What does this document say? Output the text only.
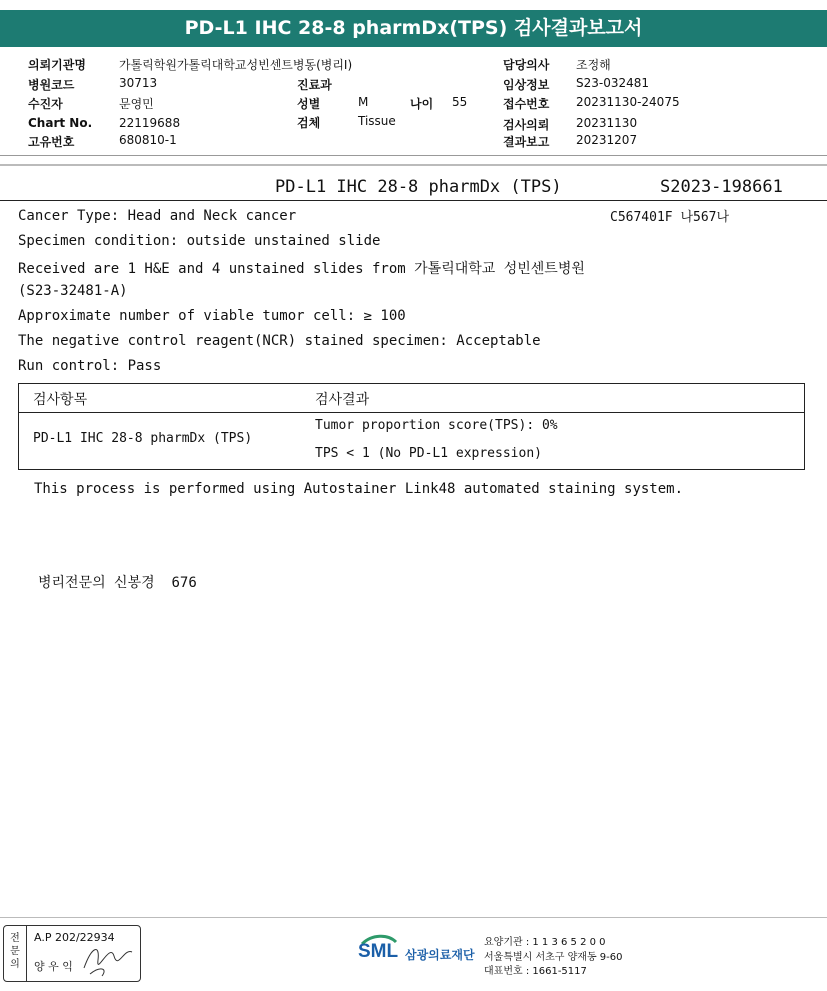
PD-L1 IHC 28-8 pharmDx(TPS) 검사결과보고서
의뢰기관명	가톨릭학원가톨릭대학교성빈센트병동(병리Ⅰ)
병원코드	30713
수진자	문영민
Chart No. 22119688
고유번호	680810-1
진료과
성별	M	나이 55
검체	Tissue
담당의사 조정해
임상정보 S23-032481
접수번호 20231130-24075
검사의뢰 20231130
결과보고 20231207
PD-L1 IHC 28-8 pharmDx (TPS)	S2023-198661
C567401F 나567나
Cancer Type: Head and Neck cancer
Specimen condition: outside unstained slide
Received are 1 H&E and 4 unstained slides from 가톨릭대학교 성빈센트병원
(S23-32481-A)
Approximate number of viable tumor cell: ≥ 100
The negative control reagent(NCR) stained specimen: Acceptable
Run control: Pass
검사항목	검사결과
PD-L1 IHC 28-8 pharmDx (TPS)
Tumor proportion score(TPS): 0%
TPS < 1 (No PD-L1 expression)
This process is performed using Autostainer Link48 automated staining system.
병리전문의 신봉경  676
전문의
A.P 202/22934
양 우 익
SML 삼광의료재단
요양기관 : 1 1 3 6 5 2 0 0
서울특별시 서초구 양재동 9-60
대표번호 : 1661-5117
